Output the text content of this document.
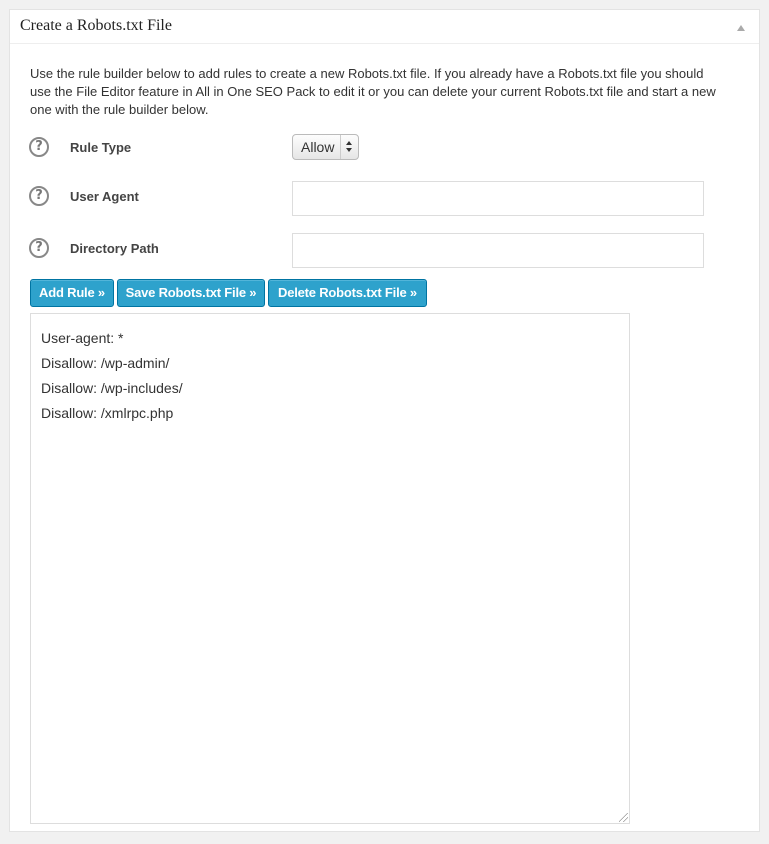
Create a Robots.txt File
Use the rule builder below to add rules to create a new Robots.txt file. If you already have a Robots.txt file you should use the File Editor feature in All in One SEO Pack to edit it or you can delete your current Robots.txt file and start a new one with the rule builder below.
?	Rule Type	Allow
?	User Agent
?	Directory Path
Add Rule »	Save Robots.txt File »	Delete Robots.txt File »
User-agent: *
Disallow: /wp-admin/
Disallow: /wp-includes/
Disallow: /xmlrpc.php
